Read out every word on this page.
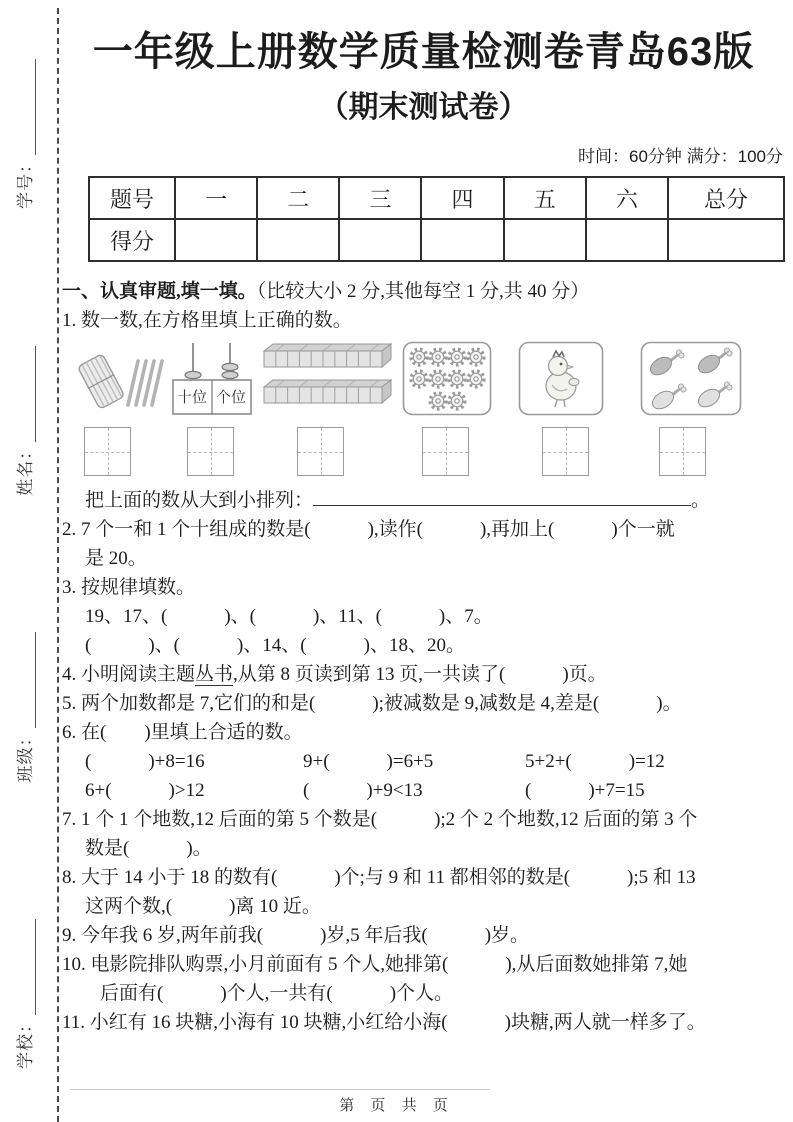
学校：
班级：
姓名：
学号：
一年级上册数学质量检测卷青岛63版
（期末测试卷）
时间：60分钟 满分：100分
题号	一	二	三	四	五	六	总分
得分							
一、认真审题,填一填。（比较大小 2 分,其他每空 1 分,共 40 分）
1. 数一数,在方格里填上正确的数。
十位 个位
把上面的数从大到小排列：	。
2. 7 个一和 1 个十组成的数是(　　　),读作(　　　),再加上(　　　)个一就
是 20。
3. 按规律填数。
19、17、(　　　)、(　　　)、11、(　　　)、7。
(　　　)、(　　　)、14、(　　　)、18、20。
4. 小明阅读主题丛书,从第 8 页读到第 13 页,一共读了(　　　)页。
5. 两个加数都是 7,它们的和是(　　　);被减数是 9,减数是 4,差是(　　　)。
6. 在(　　)里填上合适的数。
(　　　)+8=16	9+(　　　)=6+5	5+2+(　　　)=12
6+(　　　)>12	(　　　)+9<13	(　　　)+7=15
7. 1 个 1 个地数,12 后面的第 5 个数是(　　　);2 个 2 个地数,12 后面的第 3 个
数是(　　　)。
8. 大于 14 小于 18 的数有(　　　)个;与 9 和 11 都相邻的数是(　　　);5 和 13
这两个数,(　　　)离 10 近。
9. 今年我 6 岁,两年前我(　　　)岁,5 年后我(　　　)岁。
10. 电影院排队购票,小月前面有 5 个人,她排第(　　　),从后面数她排第 7,她
后面有(　　　)个人,一共有(　　　)个人。
11. 小红有 16 块糖,小海有 10 块糖,小红给小海(　　　)块糖,两人就一样多了。
第 页 共 页
